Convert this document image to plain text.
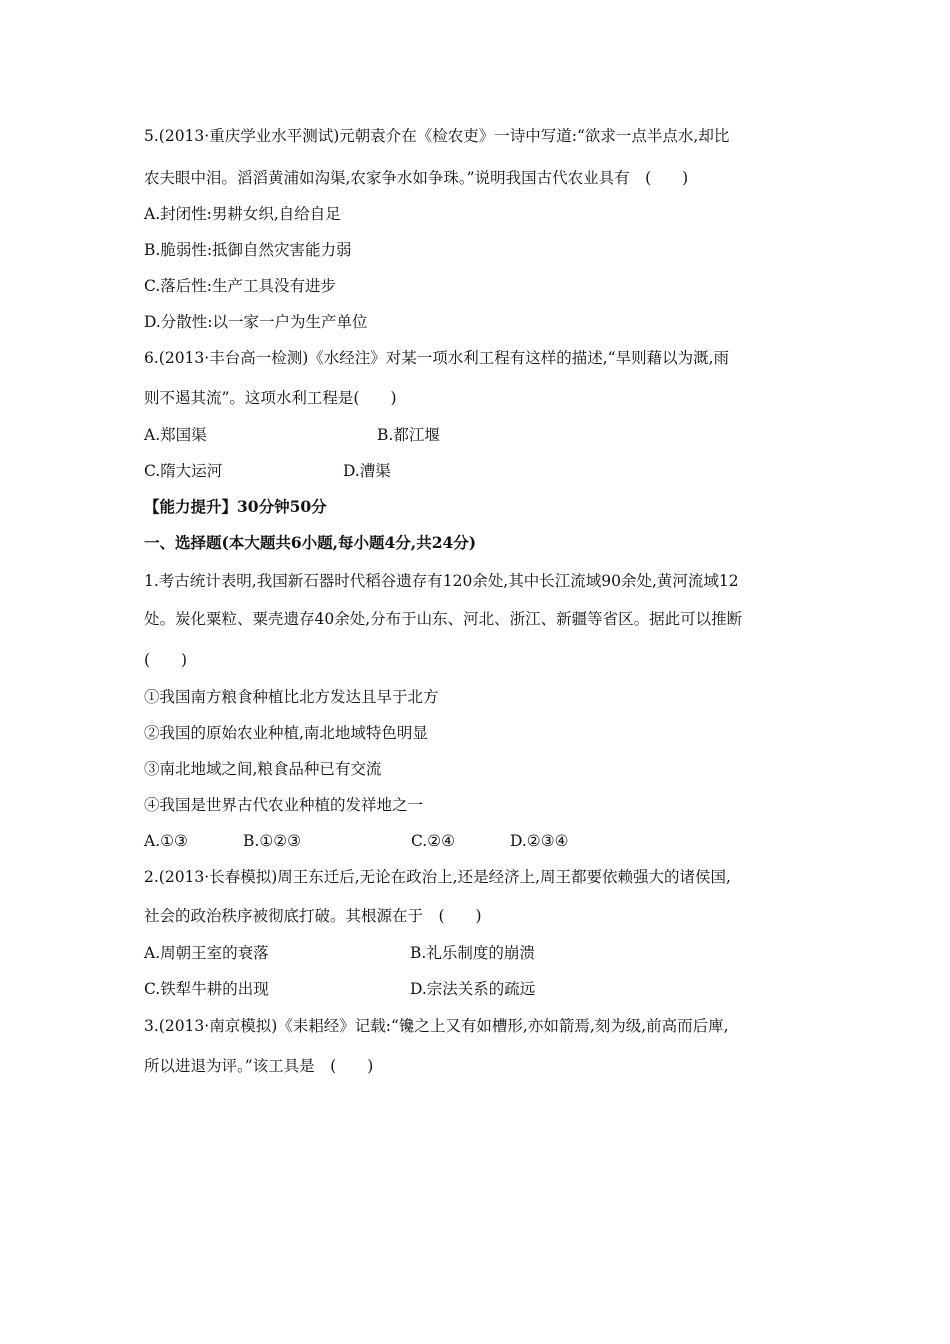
5.(2013·重庆学业水平测试)元朝袁介在《检农吏》一诗中写道:“欲求一点半点水,却比
农夫眼中泪。滔滔黄浦如沟渠,农家争水如争珠。”说明我国古代农业具有　(　　)
A.封闭性:男耕女织,自给自足
B.脆弱性:抵御自然灾害能力弱
C.落后性:生产工具没有进步
D.分散性:以一家一户为生产单位
6.(2013·丰台高一检测)《水经注》对某一项水利工程有这样的描述,“旱则藉以为溉,雨
则不遏其流”。这项水利工程是(　　)
A.郑国渠	B.都江堰
C.隋大运河	D.漕渠
【能力提升】30分钟50分
一、选择题(本大题共6小题,每小题4分,共24分)
1.考古统计表明,我国新石器时代稻谷遗存有120余处,其中长江流域90余处,黄河流域12
处。炭化粟粒、粟壳遗存40余处,分布于山东、河北、浙江、新疆等省区。据此可以推断
(　　)
①我国南方粮食种植比北方发达且早于北方
②我国的原始农业种植,南北地域特色明显
③南北地域之间,粮食品种已有交流
④我国是世界古代农业种植的发祥地之一
A.①③	B.①②③	C.②④	D.②③④
2.(2013·长春模拟)周王东迁后,无论在政治上,还是经济上,周王都要依赖强大的诸侯国,
社会的政治秩序被彻底打破。其根源在于　(　　)
A.周朝王室的衰落	B.礼乐制度的崩溃
C.铁犁牛耕的出现	D.宗法关系的疏远
3.(2013·南京模拟)《耒耜经》记载:“镵之上又有如槽形,亦如箭焉,刻为级,前高而后庳,
所以进退为评。”该工具是　(　　)
